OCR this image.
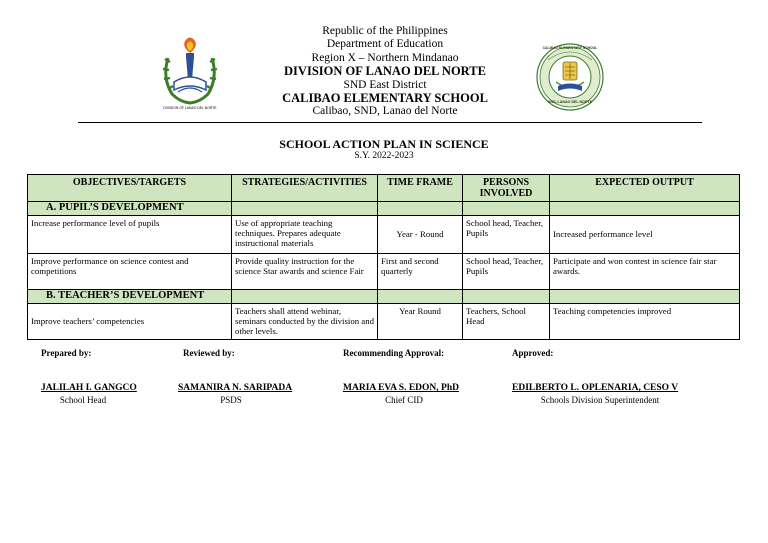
DIVISION OF LANAO DEL NORTE
CALIBAO ELEMENTARY SCHOOL
SND, LANAO DEL NORTE
Republic of the Philippines
Department of Education
Region X – Northern Mindanao
DIVISION OF LANAO DEL NORTE
SND East District
CALIBAO ELEMENTARY SCHOOL
Calibao, SND, Lanao del Norte
SCHOOL ACTION PLAN IN SCIENCE
S.Y. 2022-2023
OBJECTIVES/TARGETS	STRATEGIES/ACTIVITIES	TIME FRAME	PERSONS INVOLVED	EXPECTED OUTPUT
A. PUPIL’S DEVELOPMENT				
Increase performance level of pupils	Use of appropriate teaching techniques. Prepares adequate instructional materials	Year - Round	School head, Teacher, Pupils	Increased performance level
Improve performance on science contest and competitions	Provide quality instruction for the science Star awards and science Fair	First and second quarterly	School head, Teacher, Pupils	Participate and won contest in science fair star awards.
B. TEACHER’S DEVELOPMENT				
Improve teachers’ competencies	Teachers shall attend webinar, seminars conducted by the division and other levels.	Year Round	Teachers, School Head	Teaching competencies improved
Prepared by:	Reviewed by:	Recommending Approval:	Approved:
JALILAH I. GANGCO	SAMANIRA N. SARIPADA	MARIA EVA S. EDON, PhD	EDILBERTO L. OPLENARIA, CESO V
School Head	PSDS	Chief CID	Schools Division Superintendent
